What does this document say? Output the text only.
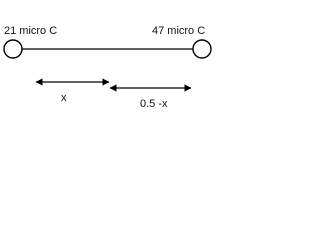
21 micro C	47 micro C
x	0.5 -x
